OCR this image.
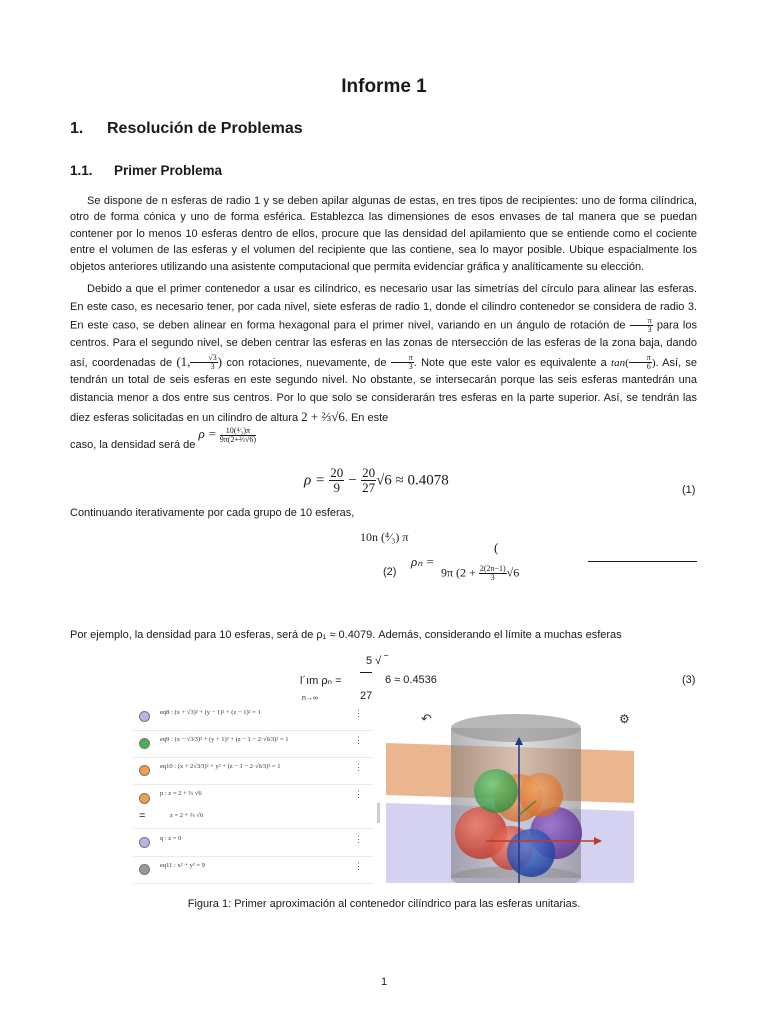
Informe 1
1. Resolución de Problemas
1.1. Primer Problema

Se dispone de n esferas de radio 1 y se deben apilar algunas de estas, en tres tipos de recipientes: uno de forma cilíndrica, otro de forma cónica y uno de forma esférica. Establezca las dimensiones de esos envases de tal manera que se puedan contener por lo menos 10 esferas dentro de ellos, procure que las densidad del apilamiento que se entiende como el cociente entre el volumen de las esferas y el volumen del recipiente que las contiene, sea lo mayor posible. Ubique espacialmente los objetos anteriores utilizando una asistente computacional que permita evidenciar gráfica y analíticamente su elección.

Debido a que el primer contenedor a usar es cilíndrico, es necesario usar las simetrías del círculo para alinear las esferas. En este caso, es necesario tener, por cada nivel, siete esferas de radio 1, donde el cilindro contenedor se considera de radio 3. En este caso, se deben alinear en forma hexagonal para el primer nivel, variando en un ángulo de rotación de $\frac{\pi}{3}$ para los centros. Para el segundo nivel, se deben centrar las esferas en las zonas de ntersección de las esferas de la zona baja, dando así, coordenadas de (1, $\frac{√3}{3}$ ) con rotaciones, nuevamente, de $\frac{\pi}{3}$ . Note que este valor es equivalente a $\tan( \frac{\pi}{6}$ ). Así, se tendrán un total de seis esferas en este segundo nivel. No obstante, se intersecarán porque las seis esferas mantedrán una distancia menor a dos entre sus centros. Por lo que solo se considerarán tres esferas en la parte superior. Así, se tendrán las diez esferas solicitadas en un cilindro de altura 2 + ⅔√6. En este

caso, la densidad será de $\rho = \frac{\text{10(⁴⁄₃)π}}{\text{9π(2+⅔√6)}}$
$\rho = \frac{20}{9} - \frac{20}{27} √6 \approx 0.4078$
(1)
Continuando iterativamente por cada grupo de 10 esferas,
10n (⁴⁄₃) π
(
ρₙ =
(2)	9π ($2 + \frac{2(2n-1)}{3} √6$
Por ejemplo, la densidad para 10 esferas, será de ρ₁ ≈ 0.4079. Además, considerando el límite a muchas esferas
5 √ ‾
l´ım ρₙ =	6 ≈ 0.4536
27
n→∞
(3)
eq8 : (x + √3)² + (y − 1)² + (z − 1)² = 1	⋮
eq9 : (x − √3⁄3)² + (y + 1)² + (z − 1 − 2·√6⁄3)² = 1	⋮
eq10 : (x + 2√3⁄3)² + y² + (z − 1 − 2·√6⁄3)² = 1	⋮
p : z = 2 + ⅔ √6	⋮
=	z = 2 + ⅔ √6
q : z = 0	⋮
eq11 : x² + y² = 9	⋮
↶	⚙
Figura 1: Primer aproximación al contenedor cilíndrico para las esferas unitarias.
1
